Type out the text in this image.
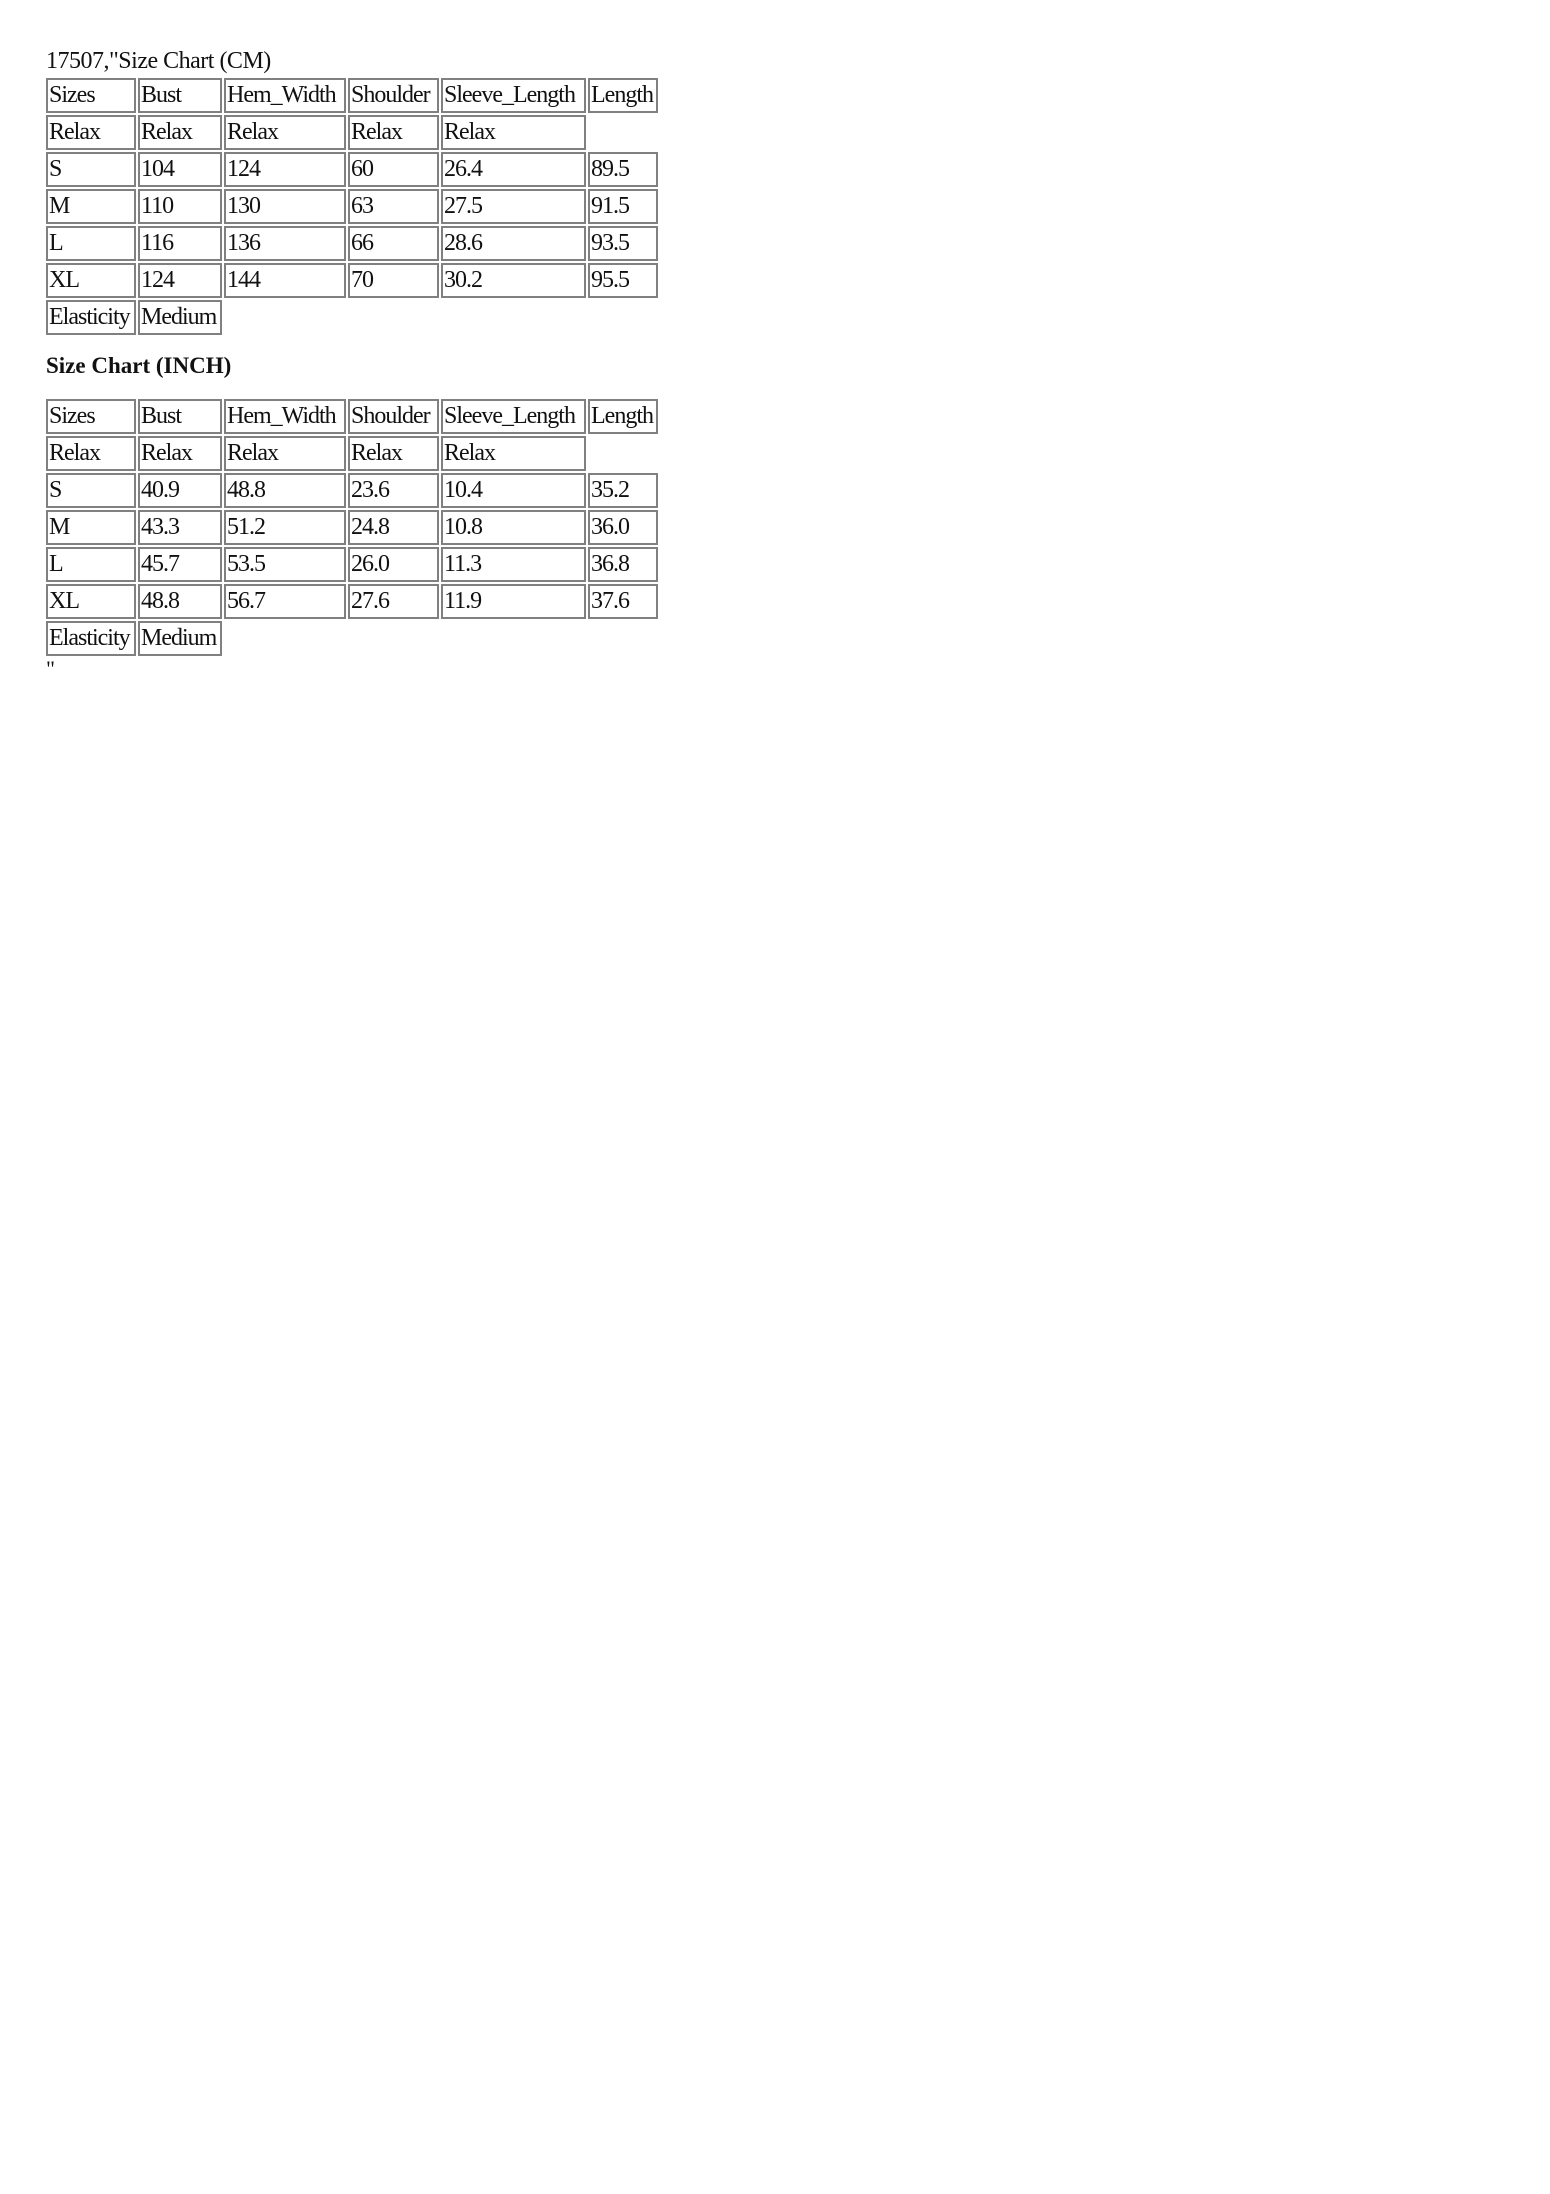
17507,"Size Chart (CM)
Sizes	Bust	Hem_Width	Shoulder	Sleeve_Length	Length
Relax	Relax	Relax	Relax	Relax	
S	104	124	60	26.4	89.5
M	110	130	63	27.5	91.5
L	116	136	66	28.6	93.5
XL	124	144	70	30.2	95.5
Elasticity	Medium				
Size Chart (INCH)
Sizes	Bust	Hem_Width	Shoulder	Sleeve_Length	Length
Relax	Relax	Relax	Relax	Relax	
S	40.9	48.8	23.6	10.4	35.2
M	43.3	51.2	24.8	10.8	36.0
L	45.7	53.5	26.0	11.3	36.8
XL	48.8	56.7	27.6	11.9	37.6
Elasticity	Medium				
"
